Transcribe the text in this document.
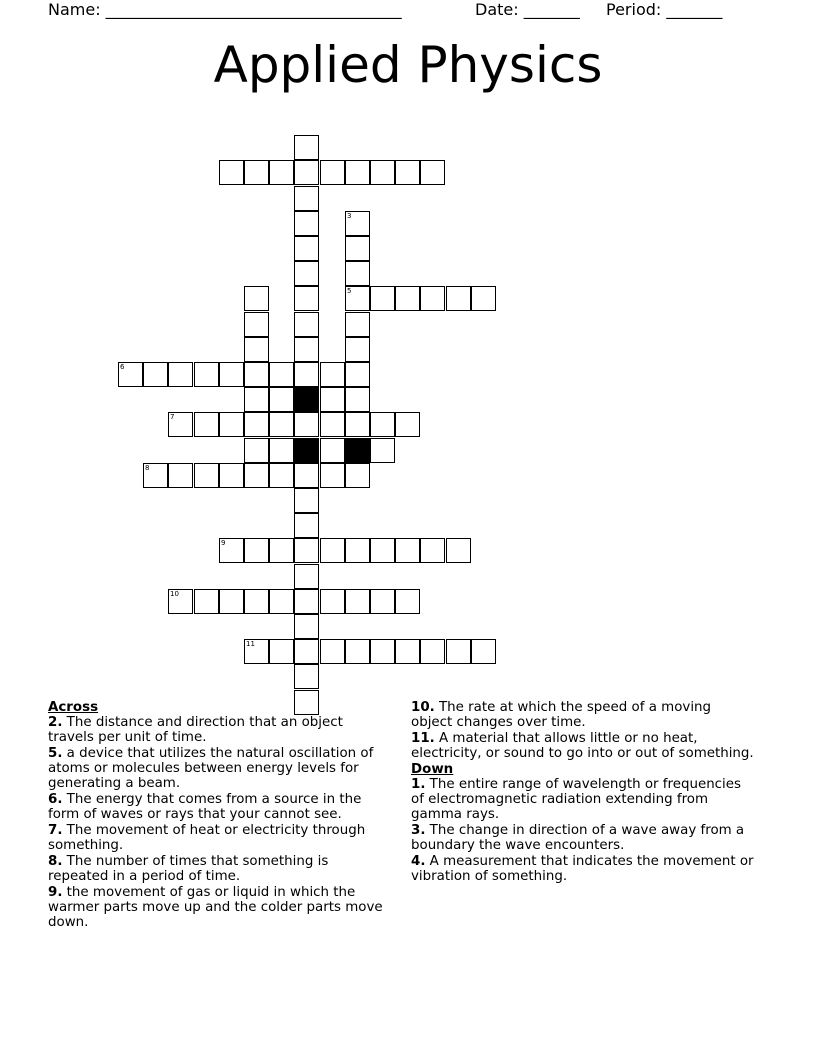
Name: _____________________________________	Date: _______ Period: _______
Applied Physics
3
5
6
7
8
9
10
11
Across
2. The distance and direction that an object travels per unit of time.
5. a device that utilizes the natural oscillation of atoms or molecules between energy levels for generating a beam.
6. The energy that comes from a source in the form of waves or rays that your cannot see.
7. The movement of heat or electricity through something.
8. The number of times that something is repeated in a period of time.
9. the movement of gas or liquid in which the warmer parts move up and the colder parts move down.
10. The rate at which the speed of a moving object changes over time.
11. A material that allows little or no heat, electricity, or sound to go into or out of something.
Down
1. The entire range of wavelength or frequencies of electromagnetic radiation extending from gamma rays.
3. The change in direction of a wave away from a boundary the wave encounters.
4. A measurement that indicates the movement or vibration of something.
